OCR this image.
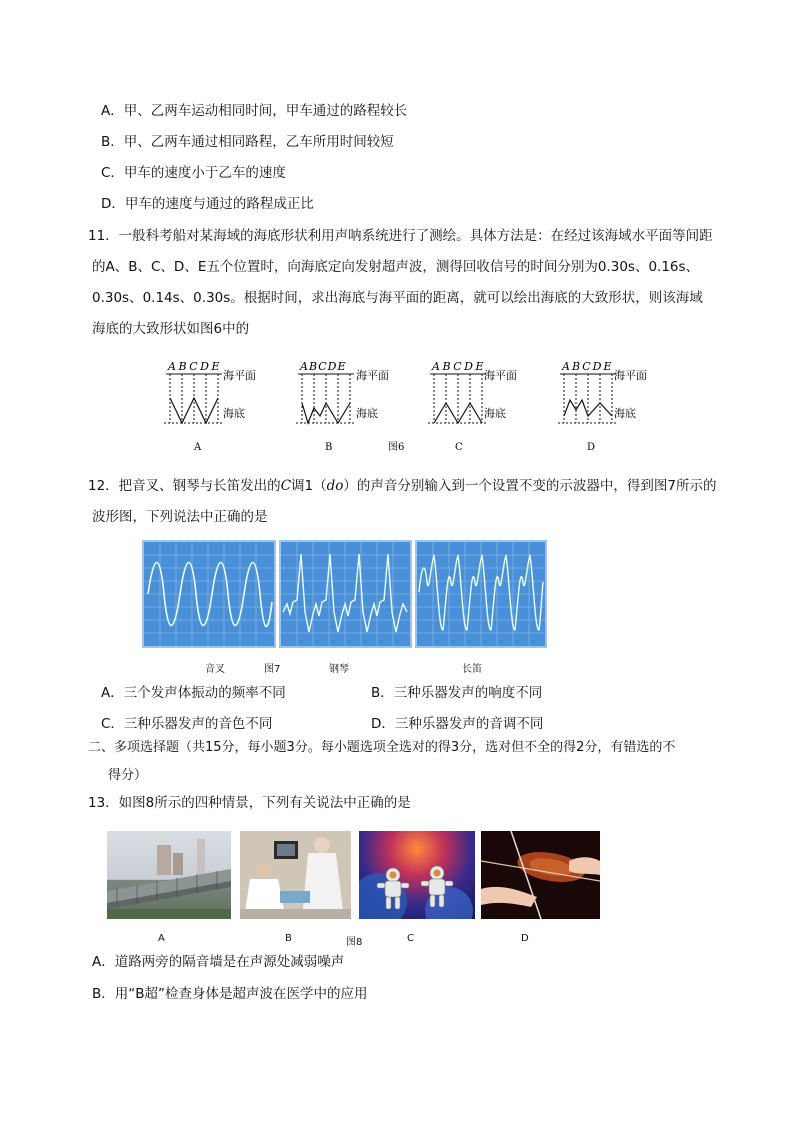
A．甲、乙两车运动相同时间，甲车通过的路程较长
B．甲、乙两车通过相同路程，乙车所用时间较短
C．甲车的速度小于乙车的速度
D．甲车的速度与通过的路程成正比
11．一般科考船对某海域的海底形状利用声呐系统进行了测绘。具体方法是：在经过该海域水平面等间距
的A、B、C、D、E五个位置时，向海底定向发射超声波，测得回收信号的时间分别为0.30s、0.16s、
0.30s、0.14s、0.30s。根据时间，求出海底与海平面的距离，就可以绘出海底的大致形状，则该海域
海底的大致形状如图6中的
ABCDE
海平面
海底
A
ABCDE
海平面
海底
B	图6
ABCDE
海平面
海底
C
ABCDE
海平面
海底
D
12．把音叉、钢琴与长笛发出的C调1（do）的声音分别输入到一个设置不变的示波器中，得到图7所示的
波形图，下列说法中正确的是
音叉	图7	钢琴	长笛
A．三个发声体振动的频率不同	B．三种乐器发声的响度不同
C．三种乐器发声的音色不同	D．三种乐器发声的音调不同
二、多项选择题（共15分，每小题3分。每小题选项全选对的得3分，选对但不全的得2分，有错选的不
得分）
13．如图8所示的四种情景，下列有关说法中正确的是
A	B	图8	C	D
A．道路两旁的隔音墙是在声源处减弱噪声
B．用“B超”检查身体是超声波在医学中的应用
